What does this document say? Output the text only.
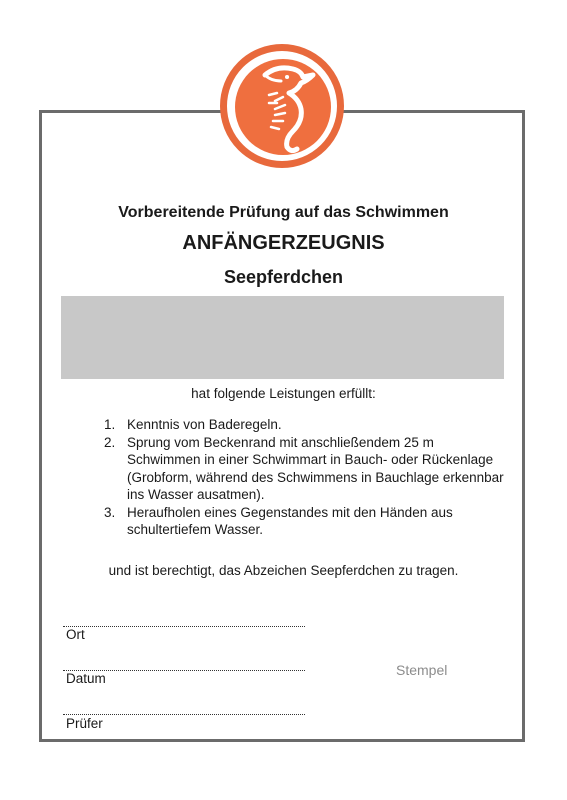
Vorbereitende Prüfung auf das Schwimmen
ANFÄNGERZEUGNIS
Seepferdchen
hat folgende Leistungen erfüllt:
1. Kenntnis von Baderegeln.
2. Sprung vom Beckenrand mit anschließendem 25 m Schwimmen in einer Schwimmart in Bauch- oder Rückenlage (Grobform, während des Schwimmens in Bauchlage erkennbar ins Wasser ausatmen).
3. Heraufholen eines Gegenstandes mit den Händen aus schultertiefem Wasser.
und ist berechtigt, das Abzeichen Seepferdchen zu tragen.
Ort
Datum
Prüfer
Stempel
